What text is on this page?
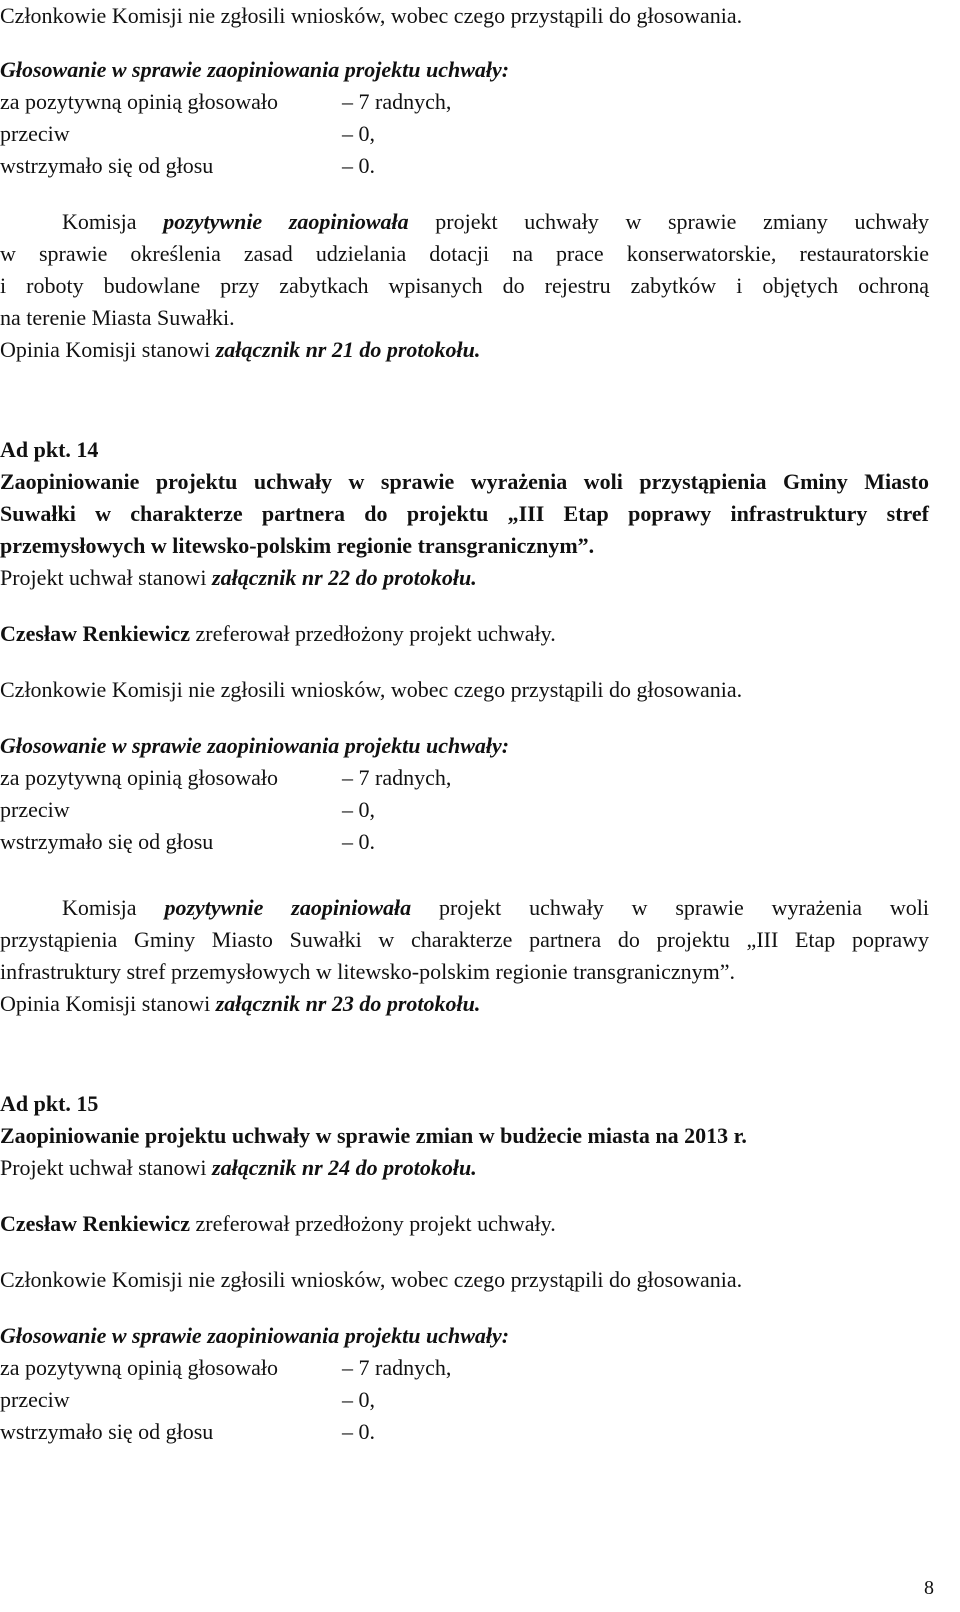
Członkowie Komisji nie zgłosili wniosków, wobec czego przystąpili do głosowania.
Głosowanie w sprawie zaopiniowania projektu uchwały:
za pozytywną opinią głosowało	– 7 radnych,
przeciw	– 0,
wstrzymało się od głosu	– 0.
Komisja pozytywnie zaopiniowała projekt uchwały w sprawie zmiany uchwały
w sprawie określenia zasad udzielania dotacji na prace konserwatorskie, restauratorskie
i roboty budowlane przy zabytkach wpisanych do rejestru zabytków i objętych ochroną
na terenie Miasta Suwałki.
Opinia Komisji stanowi załącznik nr 21 do protokołu.
Ad pkt. 14
Zaopiniowanie projektu uchwały w sprawie wyrażenia woli przystąpienia Gminy Miasto
Suwałki w charakterze partnera do projektu „III Etap poprawy infrastruktury stref
przemysłowych w litewsko-polskim regionie transgranicznym”.
Projekt uchwał stanowi załącznik nr 22 do protokołu.
Czesław Renkiewicz zreferował przedłożony projekt uchwały.
Członkowie Komisji nie zgłosili wniosków, wobec czego przystąpili do głosowania.
Głosowanie w sprawie zaopiniowania projektu uchwały:
za pozytywną opinią głosowało	– 7 radnych,
przeciw	– 0,
wstrzymało się od głosu	– 0.
Komisja pozytywnie zaopiniowała projekt uchwały w sprawie wyrażenia woli
przystąpienia Gminy Miasto Suwałki w charakterze partnera do projektu „III Etap poprawy
infrastruktury stref przemysłowych w litewsko-polskim regionie transgranicznym”.
Opinia Komisji stanowi załącznik nr 23 do protokołu.
Ad pkt. 15
Zaopiniowanie projektu uchwały w sprawie zmian w budżecie miasta na 2013 r.
Projekt uchwał stanowi załącznik nr 24 do protokołu.
Czesław Renkiewicz zreferował przedłożony projekt uchwały.
Członkowie Komisji nie zgłosili wniosków, wobec czego przystąpili do głosowania.
Głosowanie w sprawie zaopiniowania projektu uchwały:
za pozytywną opinią głosowało	– 7 radnych,
przeciw	– 0,
wstrzymało się od głosu	– 0.
8
